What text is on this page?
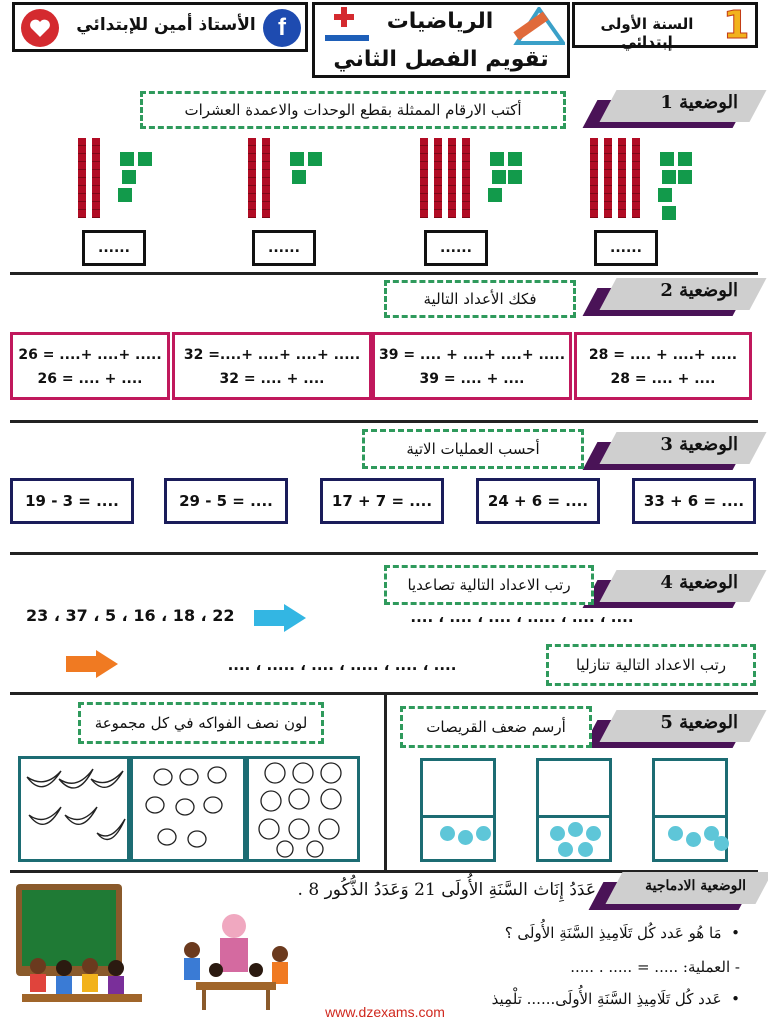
الأستاذ أمين للإبتدائي f	الرياضيات
تقويم الفصل الثاني
السنة الأولى إبتدائي	1
الوضعية 1
أكتب الارقام الممثلة بقطع الوحدات والاعمدة العشرات
......
......
......
......
الوضعية 2
فكك الأعداد التالية
28 = .... + ....+ .....
28 = .... + ....
39 = .... + ....+ ....+ .....
39 = .... + ....
32 =....+ ....+ ....+ .....
32 = .... + ....
26 = ....+ ....+ .....
26 = .... + ....
الوضعية 3
أحسب العمليات الاتية
33 + 6 = ....
24 + 6 = ....
17 + 7 = ....
29 - 5 = ....
19 - 3 = ....
الوضعية 4
رتب الاعداد التالية تصاعديا
.... ، .... ، ..... ، .... ، .... ، ....
23 ، 37 ، 5 ، 16 ، 18 ، 22
رتب الاعداد التالية تنازليا
.... ، .... ، ..... ، .... ، ..... ، ....
الوضعية 5
أرسم ضعف القريصات
لون نصف الفواكه في كل مجموعة
الوضعية الادماجية
عَدَدُ إِنَاث السَّنَةِ الأُولَى 21 وَعَدَدُ الذُّكُور 8 .
•  مَا هُو عَدد كُل تَلَامِيذِ السَّنَةِ الأُولَى ؟
- العملية: ..... = ..... . .....
•  عَدد كُل تَلَامِيذِ السَّنَةِ الأُولَى...... تلْمِيذ
www.dzexams.com
